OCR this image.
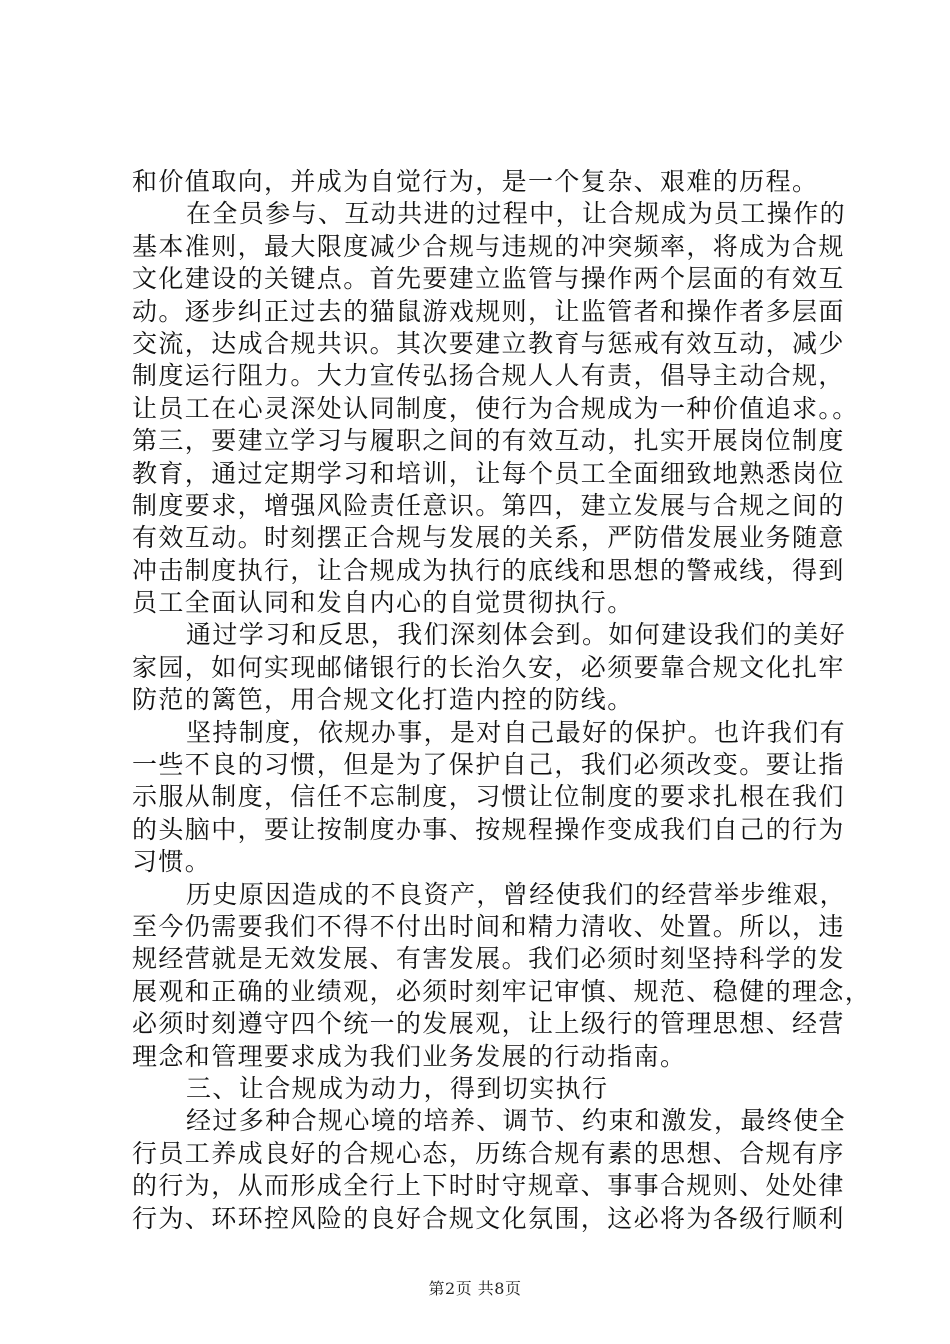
和价值取向，并成为自觉行为，是一个复杂、艰难的历程。
在全员参与、互动共进的过程中，让合规成为员工操作的
基本准则，最大限度减少合规与违规的冲突频率，将成为合规
文化建设的关键点。首先要建立监管与操作两个层面的有效互
动。逐步纠正过去的猫鼠游戏规则，让监管者和操作者多层面
交流，达成合规共识。其次要建立教育与惩戒有效互动，减少
制度运行阻力。大力宣传弘扬合规人人有责，倡导主动合规，
让员工在心灵深处认同制度，使行为合规成为一种价值追求。。
第三，要建立学习与履职之间的有效互动，扎实开展岗位制度
教育，通过定期学习和培训，让每个员工全面细致地熟悉岗位
制度要求，增强风险责任意识。第四，建立发展与合规之间的
有效互动。时刻摆正合规与发展的关系，严防借发展业务随意
冲击制度执行，让合规成为执行的底线和思想的警戒线，得到
员工全面认同和发自内心的自觉贯彻执行。
通过学习和反思，我们深刻体会到。如何建设我们的美好
家园，如何实现邮储银行的长治久安，必须要靠合规文化扎牢
防范的篱笆，用合规文化打造内控的防线。
坚持制度，依规办事，是对自己最好的保护。也许我们有
一些不良的习惯，但是为了保护自己，我们必须改变。要让指
示服从制度，信任不忘制度，习惯让位制度的要求扎根在我们
的头脑中，要让按制度办事、按规程操作变成我们自己的行为
习惯。
历史原因造成的不良资产，曾经使我们的经营举步维艰，
至今仍需要我们不得不付出时间和精力清收、处置。所以，违
规经营就是无效发展、有害发展。我们必须时刻坚持科学的发
展观和正确的业绩观，必须时刻牢记审慎、规范、稳健的理念，
必须时刻遵守四个统一的发展观，让上级行的管理思想、经营
理念和管理要求成为我们业务发展的行动指南。
三、让合规成为动力，得到切实执行
经过多种合规心境的培养、调节、约束和激发，最终使全
行员工养成良好的合规心态，历练合规有素的思想、合规有序
的行为，从而形成全行上下时时守规章、事事合规则、处处律
行为、环环控风险的良好合规文化氛围，这必将为各级行顺利
第2页 共8页
